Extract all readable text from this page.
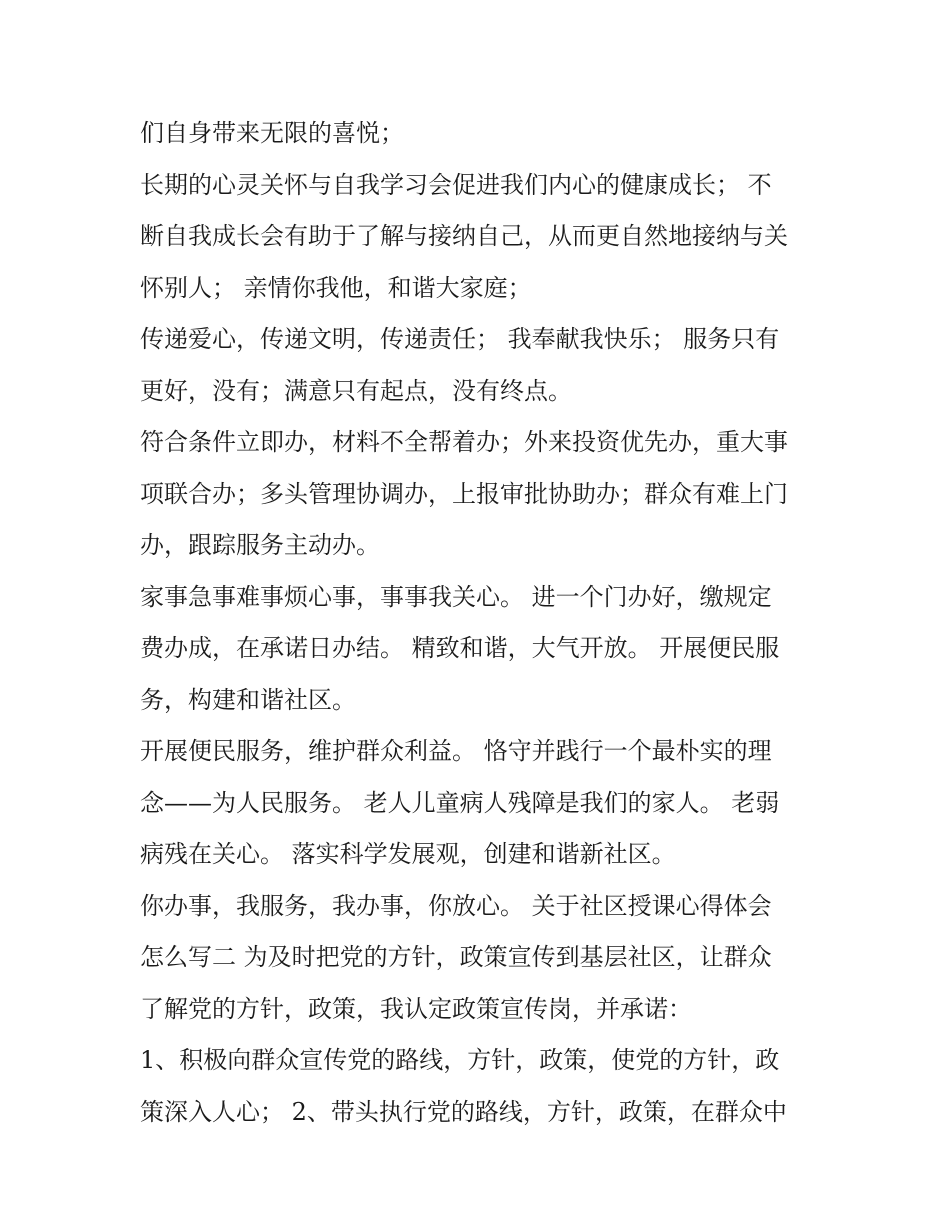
们自身带来无限的喜悦；
长期的心灵关怀与自我学习会促进我们内心的健康成长； 不
断自我成长会有助于了解与接纳自己，从而更自然地接纳与关
怀别人； 亲情你我他，和谐大家庭；
传递爱心，传递文明，传递责任； 我奉献我快乐； 服务只有
更好，没有；满意只有起点，没有终点。
符合条件立即办，材料不全帮着办；外来投资优先办，重大事
项联合办；多头管理协调办，上报审批协助办；群众有难上门
办，跟踪服务主动办。
家事急事难事烦心事，事事我关心。 进一个门办好，缴规定
费办成，在承诺日办结。 精致和谐，大气开放。 开展便民服
务，构建和谐社区。
开展便民服务，维护群众利益。 恪守并践行一个最朴实的理
念——为人民服务。 老人儿童病人残障是我们的家人。 老弱
病残在关心。 落实科学发展观，创建和谐新社区。
你办事，我服务，我办事，你放心。 关于社区授课心得体会
怎么写二 为及时把党的方针，政策宣传到基层社区，让群众
了解党的方针，政策，我认定政策宣传岗，并承诺：
1、积极向群众宣传党的路线，方针，政策，使党的方针，政
策深入人心； 2、带头执行党的路线，方针，政策，在群众中
